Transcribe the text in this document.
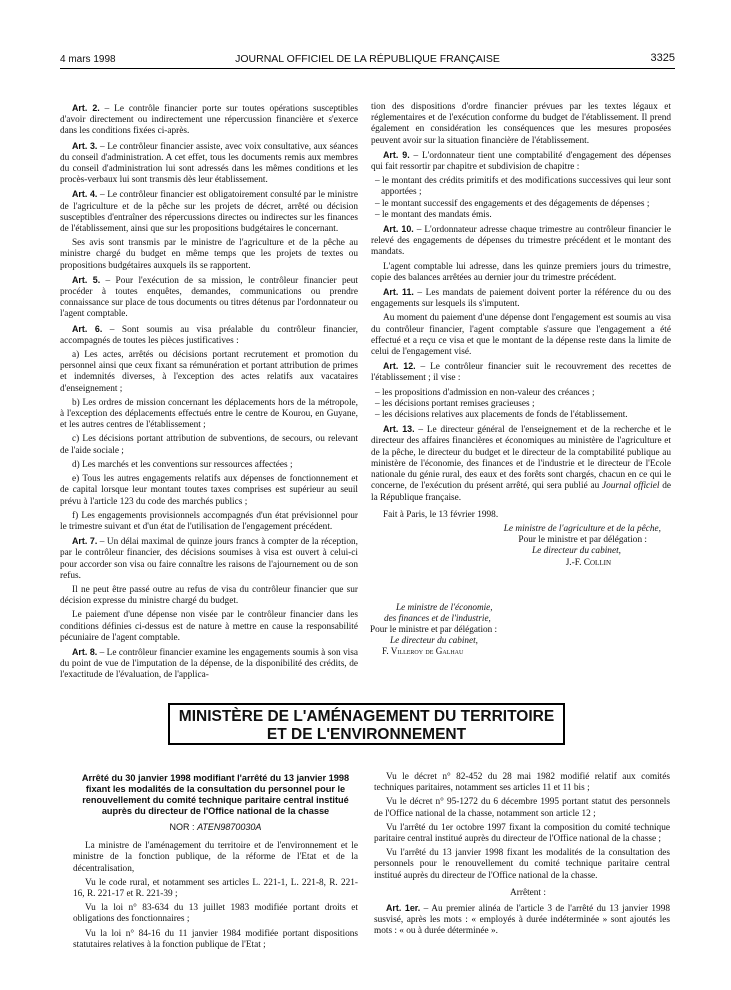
4 mars 1998	JOURNAL OFFICIEL DE LA RÉPUBLIQUE FRANÇAISE	3325

Art. 2. – Le contrôle financier porte sur toutes opérations susceptibles d'avoir directement ou indirectement une répercussion financière et s'exerce dans les conditions fixées ci-après.

Art. 3. – Le contrôleur financier assiste, avec voix consultative, aux séances du conseil d'administration. A cet effet, tous les documents remis aux membres du conseil d'administration lui sont adressés dans les mêmes conditions et les procès-verbaux lui sont transmis dès leur établissement.

Art. 4. – Le contrôleur financier est obligatoirement consulté par le ministre de l'agriculture et de la pêche sur les projets de décret, arrêté ou décision susceptibles d'entraîner des répercussions directes ou indirectes sur les finances de l'établissement, ainsi que sur les propositions budgétaires le concernant.

Ses avis sont transmis par le ministre de l'agriculture et de la pêche au ministre chargé du budget en même temps que les projets de textes ou propositions budgétaires auxquels ils se rapportent.

Art. 5. – Pour l'exécution de sa mission, le contrôleur financier peut procéder à toutes enquêtes, demandes, communications ou prendre connaissance sur place de tous documents ou titres détenus par l'ordonnateur ou l'agent comptable.

Art. 6. – Sont soumis au visa préalable du contrôleur financier, accompagnés de toutes les pièces justificatives :

a) Les actes, arrêtés ou décisions portant recrutement et promotion du personnel ainsi que ceux fixant sa rémunération et portant attribution de primes et indemnités diverses, à l'exception des actes relatifs aux vacataires d'enseignement ;

b) Les ordres de mission concernant les déplacements hors de la métropole, à l'exception des déplacements effectués entre le centre de Kourou, en Guyane, et les autres centres de l'établissement ;

c) Les décisions portant attribution de subventions, de secours, ou relevant de l'aide sociale ;

d) Les marchés et les conventions sur ressources affectées ;

e) Tous les autres engagements relatifs aux dépenses de fonctionnement et de capital lorsque leur montant toutes taxes comprises est supérieur au seuil prévu à l'article 123 du code des marchés publics ;

f) Les engagements provisionnels accompagnés d'un état prévisionnel pour le trimestre suivant et d'un état de l'utilisation de l'engagement précédent.

Art. 7. – Un délai maximal de quinze jours francs à compter de la réception, par le contrôleur financier, des décisions soumises à visa est ouvert à celui-ci pour accorder son visa ou faire connaître les raisons de l'ajournement ou de son refus.

Il ne peut être passé outre au refus de visa du contrôleur financier que sur décision expresse du ministre chargé du budget.

Le paiement d'une dépense non visée par le contrôleur financier dans les conditions définies ci-dessus est de nature à mettre en cause la responsabilité pécuniaire de l'agent comptable.

Art. 8. – Le contrôleur financier examine les engagements soumis à son visa du point de vue de l'imputation de la dépense, de la disponibilité des crédits, de l'exactitude de l'évaluation, de l'applica-

tion des dispositions d'ordre financier prévues par les textes légaux et réglementaires et de l'exécution conforme du budget de l'établissement. Il prend également en considération les conséquences que les mesures proposées peuvent avoir sur la situation financière de l'établissement.

Art. 9. – L'ordonnateur tient une comptabilité d'engagement des dépenses qui fait ressortir par chapitre et subdivision de chapitre :

– le montant des crédits primitifs et des modifications successives qui leur sont apportées ;
– le montant successif des engagements et des dégagements de dépenses ;
– le montant des mandats émis.

Art. 10. – L'ordonnateur adresse chaque trimestre au contrôleur financier le relevé des engagements de dépenses du trimestre précédent et le montant des mandats.

L'agent comptable lui adresse, dans les quinze premiers jours du trimestre, copie des balances arrêtées au dernier jour du trimestre précédent.

Art. 11. – Les mandats de paiement doivent porter la référence du ou des engagements sur lesquels ils s'imputent.

Au moment du paiement d'une dépense dont l'engagement est soumis au visa du contrôleur financier, l'agent comptable s'assure que l'engagement a été effectué et a reçu ce visa et que le montant de la dépense reste dans la limite de celui de l'engagement visé.

Art. 12. – Le contrôleur financier suit le recouvrement des recettes de l'établissement ; il vise :

– les propositions d'admission en non-valeur des créances ;
– les décisions portant remises gracieuses ;
– les décisions relatives aux placements de fonds de l'établissement.

Art. 13. – Le directeur général de l'enseignement et de la recherche et le directeur des affaires financières et économiques au ministère de l'agriculture et de la pêche, le directeur du budget et le directeur de la comptabilité publique au ministère de l'économie, des finances et de l'industrie et le directeur de l'Ecole nationale du génie rural, des eaux et des forêts sont chargés, chacun en ce qui le concerne, de l'exécution du présent arrêté, qui sera publié au Journal officiel de la République française.

Fait à Paris, le 13 février 1998.

Le ministre de l'agriculture et de la pêche,
Pour le ministre et par délégation :
Le directeur du cabinet,
J.-F. Collin
Le ministre de l'économie,
des finances et de l'industrie,
Pour le ministre et par délégation :
Le directeur du cabinet,
F. Villeroy de Galhau
MINISTÈRE DE L'AMÉNAGEMENT DU TERRITOIRE
ET DE L'ENVIRONNEMENT
Arrêté du 30 janvier 1998 modifiant l'arrêté du 13 janvier 1998 fixant les modalités de la consultation du personnel pour le renouvellement du comité technique paritaire central institué auprès du directeur de l'Office national de la chasse
NOR : ATEN9870030A

La ministre de l'aménagement du territoire et de l'environnement et le ministre de la fonction publique, de la réforme de l'Etat et de la décentralisation,

Vu le code rural, et notamment ses articles L. 221-1, L. 221-8, R. 221-16, R. 221-17 et R. 221-39 ;

Vu la loi n° 83-634 du 13 juillet 1983 modifiée portant droits et obligations des fonctionnaires ;

Vu la loi n° 84-16 du 11 janvier 1984 modifiée portant dispositions statutaires relatives à la fonction publique de l'Etat ;

Vu le décret n° 82-452 du 28 mai 1982 modifié relatif aux comités techniques paritaires, notamment ses articles 11 et 11 bis ;

Vu le décret n° 95-1272 du 6 décembre 1995 portant statut des personnels de l'Office national de la chasse, notamment son article 12 ;

Vu l'arrêté du 1er octobre 1997 fixant la composition du comité technique paritaire central institué auprès du directeur de l'Office national de la chasse ;

Vu l'arrêté du 13 janvier 1998 fixant les modalités de la consultation des personnels pour le renouvellement du comité technique paritaire central institué auprès du directeur de l'Office national de la chasse.

Arrêtent :

Art. 1er. – Au premier alinéa de l'article 3 de l'arrêté du 13 janvier 1998 susvisé, après les mots : « employés à durée indéterminée » sont ajoutés les mots : « ou à durée déterminée ».
